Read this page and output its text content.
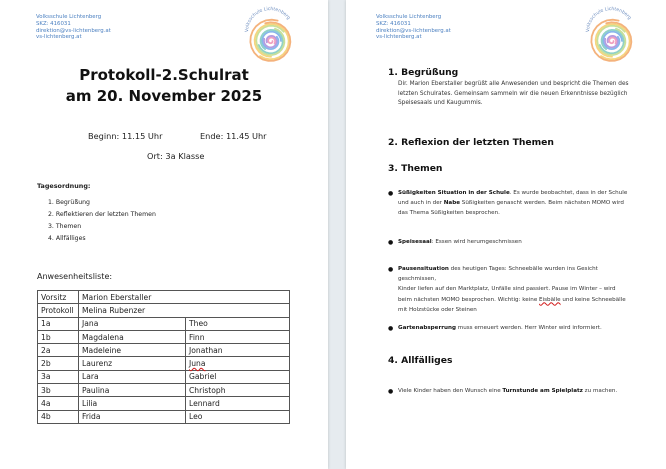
Volksschule Lichtenberg
SKZ: 416031
direktion@vs-lichtenberg.at
vs-lichtenberg.at
Volksschule Lichtenberg
Protokoll-2.Schulrat
am 20. November 2025
Beginn: 11.15 Uhr	Ende: 11.45 Uhr
Ort: 3a Klasse
Tagesordnung:
1. Begrüßung
2. Reflektieren der letzten Themen
3. Themen
4. Allfälliges
Anwesenheitsliste:
Vorsitz	Marion Eberstaller	
Protokoll	Melina Rubenzer	
1a	Jana	Theo
1b	Magdalena	Finn
2a	Madeleine	Jonathan
2b	Laurenz	Juna
3a	Lara	Gabriel
3b	Paulina	Christoph
4a	Lilia	Lennard
4b	Frida	Leo
Volksschule Lichtenberg
SKZ: 416031
direktion@vs-lichtenberg.at
vs-lichtenberg.at
Volksschule Lichtenberg
1. Begrüßung
Dir. Marion Eberstaller begrüßt alle Anwesenden und bespricht die Themen des
letzten Schulrates. Gemeinsam sammeln wir die neuen Erkenntnisse bezüglich
Speisesaals und Kaugummis.
2. Reflexion der letzten Themen
3. Themen
● Süßigkeiten Situation in der Schule. Es wurde beobachtet, dass in der Schule
und auch in der Nabe Süßigkeiten genascht werden. Beim nächsten MOMO wird
das Thema Süßigkeiten besprochen.
● Speisesaal: Essen wird herumgeschmissen
● Pausensituation des heutigen Tages: Schneebälle wurden ins Gesicht geschmissen,
Kinder liefen auf den Marktplatz, Unfälle sind passiert. Pause im Winter – wird
beim nächsten MOMO besprochen. Wichtig: keine Eisbälle und keine Schneebälle
mit Holzstücke oder Steinen
● Gartenabsperrung muss erneuert werden. Herr Winter wird informiert.
4. Allfälliges
● Viele Kinder haben den Wunsch eine Turnstunde am Spielplatz zu machen.
